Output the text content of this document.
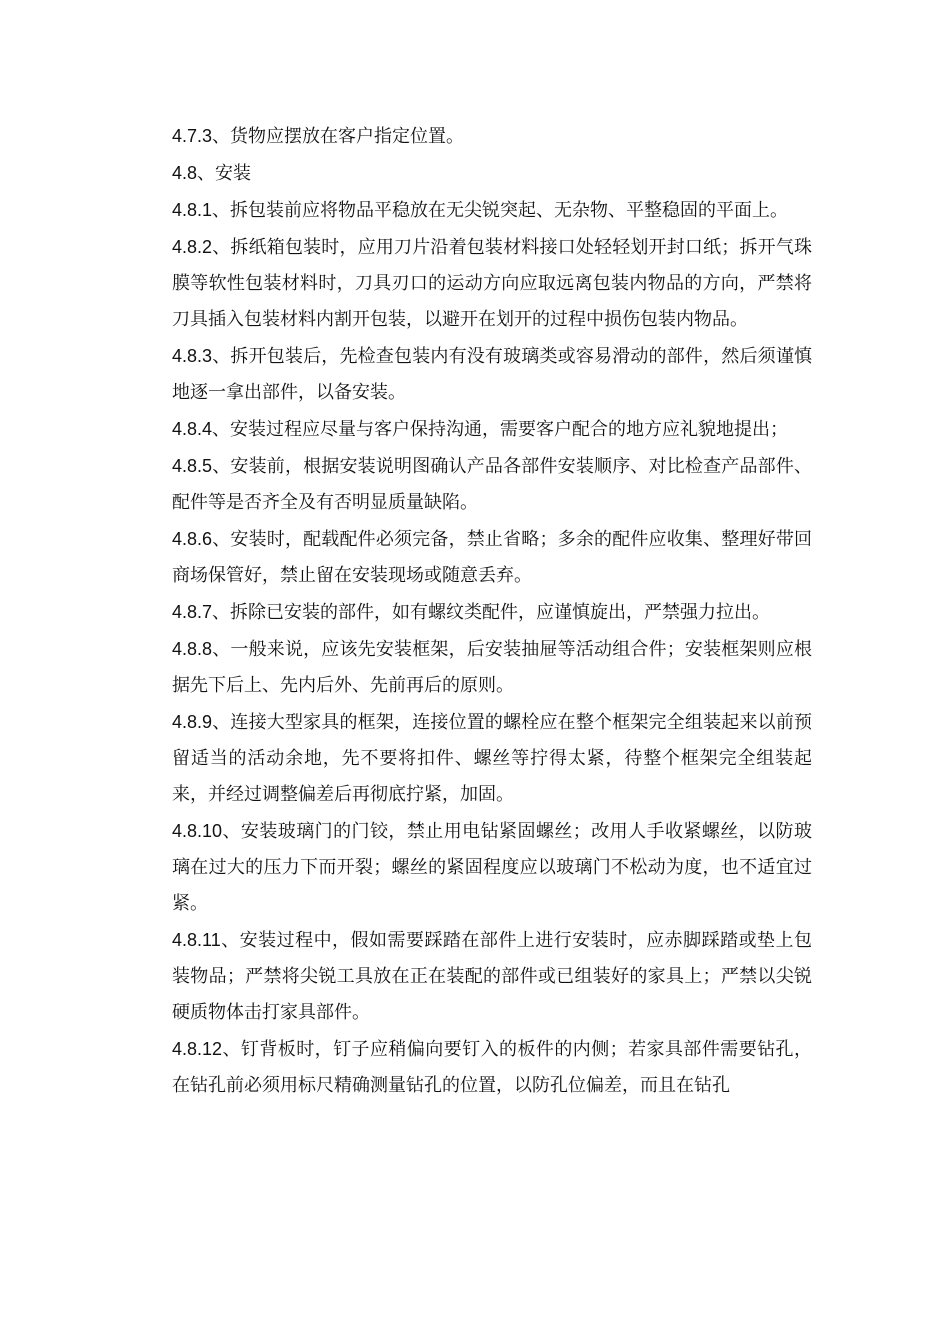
4.7.3、货物应摆放在客户指定位置。

4.8、安装

4.8.1、拆包装前应将物品平稳放在无尖锐突起、无杂物、平整稳固的平面上。

4.8.2、拆纸箱包装时，应用刀片沿着包装材料接口处轻轻划开封口纸；拆开气珠膜等软性包装材料时，刀具刃口的运动方向应取远离包装内物品的方向，严禁将刀具插入包装材料内割开包装，以避开在划开的过程中损伤包装内物品。

4.8.3、拆开包装后，先检查包装内有没有玻璃类或容易滑动的部件，然后须谨慎地逐一拿出部件，以备安装。

4.8.4、安装过程应尽量与客户保持沟通，需要客户配合的地方应礼貌地提出；

4.8.5、安装前，根据安装说明图确认产品各部件安装顺序、对比检查产品部件、配件等是否齐全及有否明显质量缺陷。

4.8.6、安装时，配载配件必须完备，禁止省略；多余的配件应收集、整理好带回商场保管好，禁止留在安装现场或随意丢弃。

4.8.7、拆除已安装的部件，如有螺纹类配件，应谨慎旋出，严禁强力拉出。

4.8.8、一般来说，应该先安装框架，后安装抽屉等活动组合件；安装框架则应根据先下后上、先内后外、先前再后的原则。

4.8.9、连接大型家具的框架，连接位置的螺栓应在整个框架完全组装起来以前预留适当的活动余地，先不要将扣件、螺丝等拧得太紧，待整个框架完全组装起来，并经过调整偏差后再彻底拧紧，加固。

4.8.10、安装玻璃门的门铰，禁止用电钻紧固螺丝；改用人手收紧螺丝，以防玻璃在过大的压力下而开裂；螺丝的紧固程度应以玻璃门不松动为度，也不适宜过紧。

4.8.11、安装过程中，假如需要踩踏在部件上进行安装时，应赤脚踩踏或垫上包装物品；严禁将尖锐工具放在正在装配的部件或已组装好的家具上；严禁以尖锐硬质物体击打家具部件。

4.8.12、钉背板时，钉子应稍偏向要钉入的板件的内侧；若家具部件需要钻孔，在钻孔前必须用标尺精确测量钻孔的位置，以防孔位偏差，而且在钻孔
